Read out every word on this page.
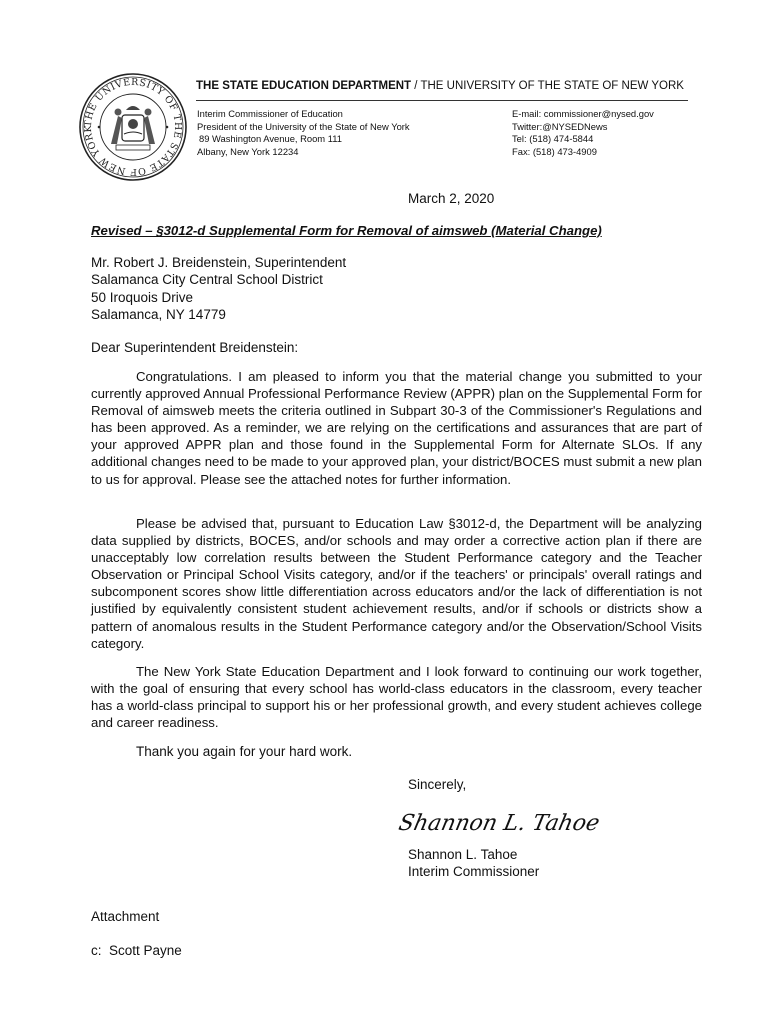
THE UNIVERSITY OF THE STATE OF NEW YORK
THE STATE EDUCATION DEPARTMENT / THE UNIVERSITY OF THE STATE OF NEW YORK
Interim Commissioner of Education
President of the University of the State of New York
89 Washington Avenue, Room 111
Albany, New York 12234
E-mail: commissioner@nysed.gov
Twitter:@NYSEDNews
Tel: (518) 474-5844
Fax: (518) 473-4909
March 2, 2020
Revised – §3012-d Supplemental Form for Removal of aimsweb (Material Change)
Mr. Robert J. Breidenstein, Superintendent
Salamanca City Central School District
50 Iroquois Drive
Salamanca, NY 14779
Dear Superintendent Breidenstein:

Congratulations. I am pleased to inform you that the material change you submitted to your currently approved Annual Professional Performance Review (APPR) plan on the Supplemental Form for Removal of aimsweb meets the criteria outlined in Subpart 30-3 of the Commissioner's Regulations and has been approved. As a reminder, we are relying on the certifications and assurances that are part of your approved APPR plan and those found in the Supplemental Form for Alternate SLOs. If any additional changes need to be made to your approved plan, your district/BOCES must submit a new plan to us for approval. Please see the attached notes for further information.

Please be advised that, pursuant to Education Law §3012-d, the Department will be analyzing data supplied by districts, BOCES, and/or schools and may order a corrective action plan if there are unacceptably low correlation results between the Student Performance category and the Teacher Observation or Principal School Visits category, and/or if the teachers' or principals' overall ratings and subcomponent scores show little differentiation across educators and/or the lack of differentiation is not justified by equivalently consistent student achievement results, and/or if schools or districts show a pattern of anomalous results in the Student Performance category and/or the Observation/School Visits category.

The New York State Education Department and I look forward to continuing our work together, with the goal of ensuring that every school has world-class educators in the classroom, every teacher has a world-class principal to support his or her professional growth, and every student achieves college and career readiness.

Thank you again for your hard work.
Sincerely,
Shannon L. Tahoe
Shannon L. Tahoe
Interim Commissioner
Attachment
c:  Scott Payne
